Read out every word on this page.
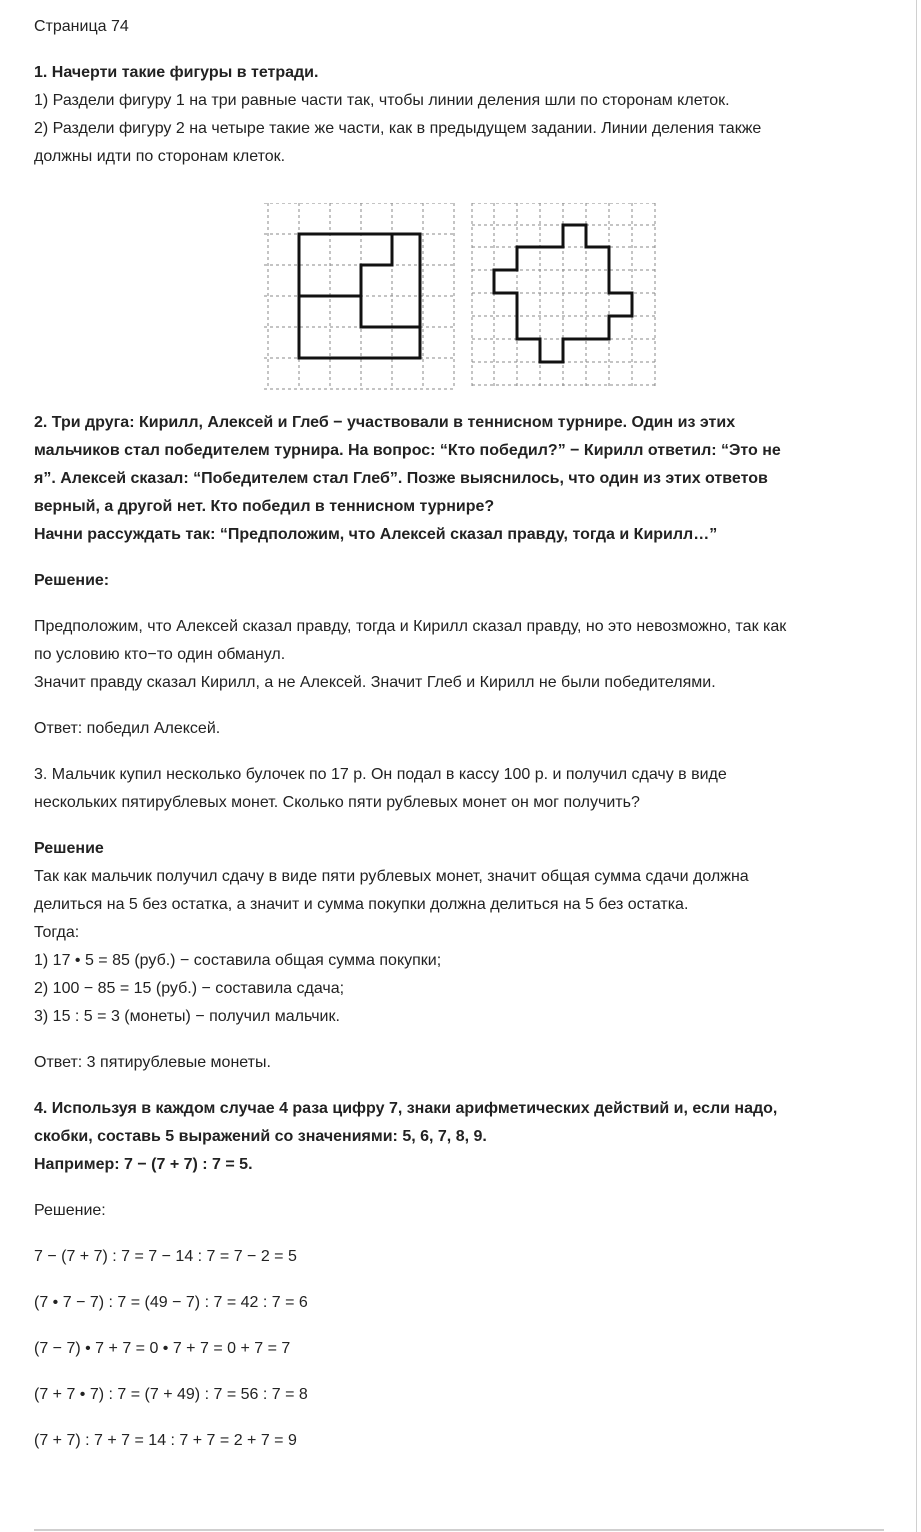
Страница 74

1. Начерти такие фигуры в тетради.

1) Раздели фигуру 1 на три равные части так, чтобы линии деления шли по сторонам клеток.

2) Раздели фигуру 2 на четыре такие же части, как в предыдущем задании. Линии деления также

должны идти по сторонам клеток.

2. Три друга: Кирилл, Алексей и Глеб − участвовали в теннисном турнире. Один из этих

мальчиков стал победителем турнира. На вопрос: “Кто победил?” − Кирилл ответил: “Это не

я”. Алексей сказал: “Победителем стал Глеб”. Позже выяснилось, что один из этих ответов

верный, а другой нет. Кто победил в теннисном турнире?

Начни рассуждать так: “Предположим, что Алексей сказал правду, тогда и Кирилл…”

Решение:

Предположим, что Алексей сказал правду, тогда и Кирилл сказал правду, но это невозможно, так как

по условию кто−то один обманул.

Значит правду сказал Кирилл, а не Алексей. Значит Глеб и Кирилл не были победителями.

Ответ: победил Алексей.

3. Мальчик купил несколько булочек по 17 р. Он подал в кассу 100 р. и получил сдачу в виде

нескольких пятирублевых монет. Сколько пяти рублевых монет он мог получить?

Решение

Так как мальчик получил сдачу в виде пяти рублевых монет, значит общая сумма сдачи должна

делиться на 5 без остатка, а значит и сумма покупки должна делиться на 5 без остатка.

Тогда:

1) 17 • 5 = 85 (руб.) − составила общая сумма покупки;

2) 100 − 85 = 15 (руб.) − составила сдача;

3) 15 : 5 = 3 (монеты) − получил мальчик.

Ответ: 3 пятирублевые монеты.

4. Используя в каждом случае 4 раза цифру 7, знаки арифметических действий и, если надо,

скобки, составь 5 выражений со значениями: 5, 6, 7, 8, 9.

Например: 7 − (7 + 7) : 7 = 5.

Решение:

7 − (7 + 7) : 7 = 7 − 14 : 7 = 7 − 2 = 5

(7 • 7 − 7) : 7 = (49 − 7) : 7 = 42 : 7 = 6

(7 − 7) • 7 + 7 = 0 • 7 + 7 = 0 + 7 = 7

(7 + 7 • 7) : 7 = (7 + 49) : 7 = 56 : 7 = 8

(7 + 7) : 7 + 7 = 14 : 7 + 7 = 2 + 7 = 9
